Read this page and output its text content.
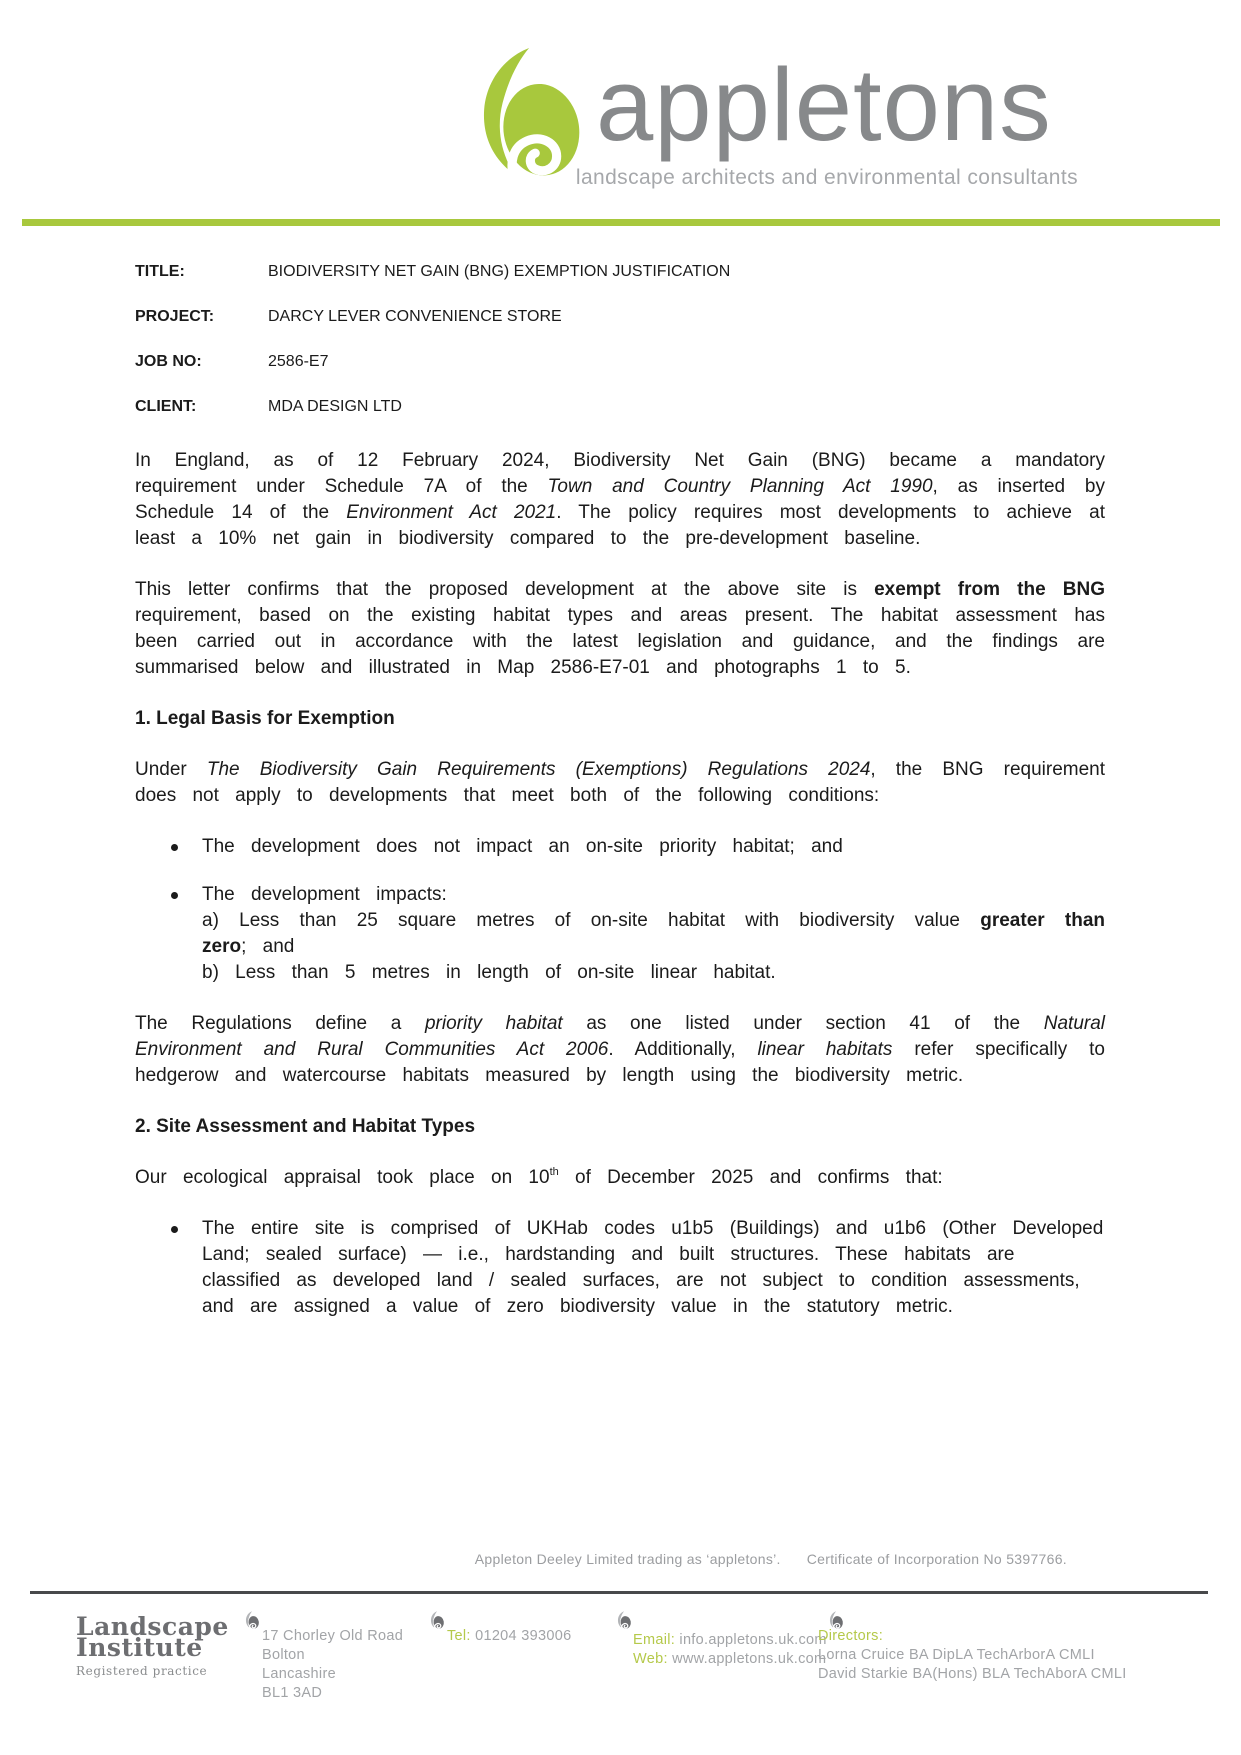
appletons
landscape architects and environmental consultants
TITLE:	BIODIVERSITY NET GAIN (BNG) EXEMPTION JUSTIFICATION
PROJECT:	DARCY LEVER CONVENIENCE STORE
JOB NO:	2586-E7
CLIENT:	MDA DESIGN LTD

In England, as of 12 February 2024, Biodiversity Net Gain (BNG) became a mandatory requirement under Schedule 7A of the Town and Country Planning Act 1990, as inserted by Schedule 14 of the Environment Act 2021. The policy requires most developments to achieve at least a 10% net gain in biodiversity compared to the pre-development baseline.

This letter confirms that the proposed development at the above site is exempt from the BNG requirement, based on the existing habitat types and areas present. The habitat assessment has been carried out in accordance with the latest legislation and guidance, and the findings are summarised below and illustrated in Map 2586-E7-01 and photographs 1 to 5.

1. Legal Basis for Exemption

Under The Biodiversity Gain Requirements (Exemptions) Regulations 2024, the BNG requirement does not apply to developments that meet both of the following conditions:

The development does not impact an on-site priority habitat; and
The development impacts:
a) Less than 25 square metres of on-site habitat with biodiversity value greater than zero; and
b) Less than 5 metres in length of on-site linear habitat.

The Regulations define a priority habitat as one listed under section 41 of the Natural Environment and Rural Communities Act 2006. Additionally, linear habitats refer specifically to hedgerow and watercourse habitats measured by length using the biodiversity metric.

2. Site Assessment and Habitat Types

Our ecological appraisal took place on 10th of December 2025 and confirms that:

The entire site is comprised of UKHab codes u1b5 (Buildings) and u1b6 (Other Developed Land; sealed surface) — i.e., hardstanding and built structures. These habitats are classified as developed land / sealed surfaces, are not subject to condition assessments, and are assigned a value of zero biodiversity value in the statutory metric.
Appleton Deeley Limited trading as ‘appletons’. Certificate of Incorporation No 5397766.
Landscape
Institute
Registered practice
17 Chorley Old Road
Bolton
Lancashire
BL1 3AD
Tel: 01204 393006	Email: info.appletons.uk.com
Web: www.appletons.uk.com
Directors:
Lorna Cruice BA DipLA TechArborA CMLI
David Starkie BA(Hons) BLA TechAborA CMLI
